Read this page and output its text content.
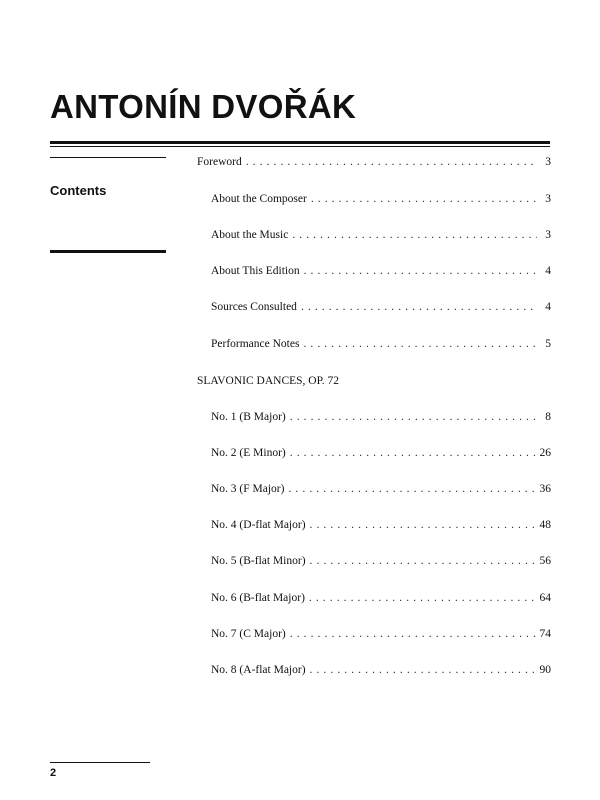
ANTONÍN DVOŘÁK
Contents
Foreword . . .	3
About the Composer . . .	3
About the Music . . .	3
About This Edition . . .	4
Sources Consulted . . .	4
Performance Notes . . .	5
SLAVONIC DANCES, OP. 72
No. 1 (B Major) . . .	8
No. 2 (E Minor) . . .	26
No. 3 (F Major) . . .	36
No. 4 (D-flat Major) . . .	48
No. 5 (B-flat Minor) . . .	56
No. 6 (B-flat Major) . . .	64
No. 7 (C Major) . . .	74
No. 8 (A-flat Major) . . .	90
2
